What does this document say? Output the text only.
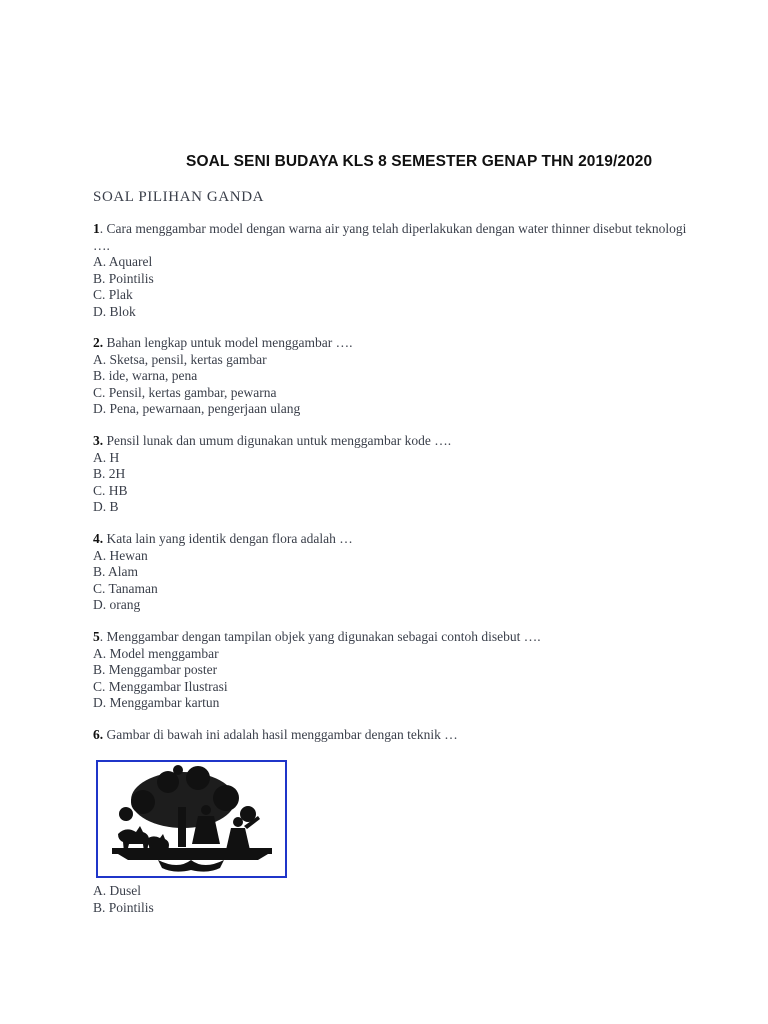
SOAL SENI BUDAYA KLS 8 SEMESTER GENAP THN 2019/2020
SOAL PILIHAN GANDA
1. Cara menggambar model dengan warna air yang telah diperlakukan dengan water thinner disebut teknologi ….
A. Aquarel
B. Pointilis
C. Plak
D. Blok
2. Bahan lengkap untuk model menggambar ….
A. Sketsa, pensil, kertas gambar
B. ide, warna, pena
C. Pensil, kertas gambar, pewarna
D. Pena, pewarnaan, pengerjaan ulang
3. Pensil lunak dan umum digunakan untuk menggambar kode ….
A. H
B. 2H
C. HB
D. B
4. Kata lain yang identik dengan flora adalah …
A. Hewan
B. Alam
C. Tanaman
D. orang
5. Menggambar dengan tampilan objek yang digunakan sebagai contoh disebut ….
A. Model menggambar
B. Menggambar poster
C. Menggambar Ilustrasi
D. Menggambar kartun
6. Gambar di bawah ini adalah hasil menggambar dengan teknik …
A. Dusel
B. Pointilis
